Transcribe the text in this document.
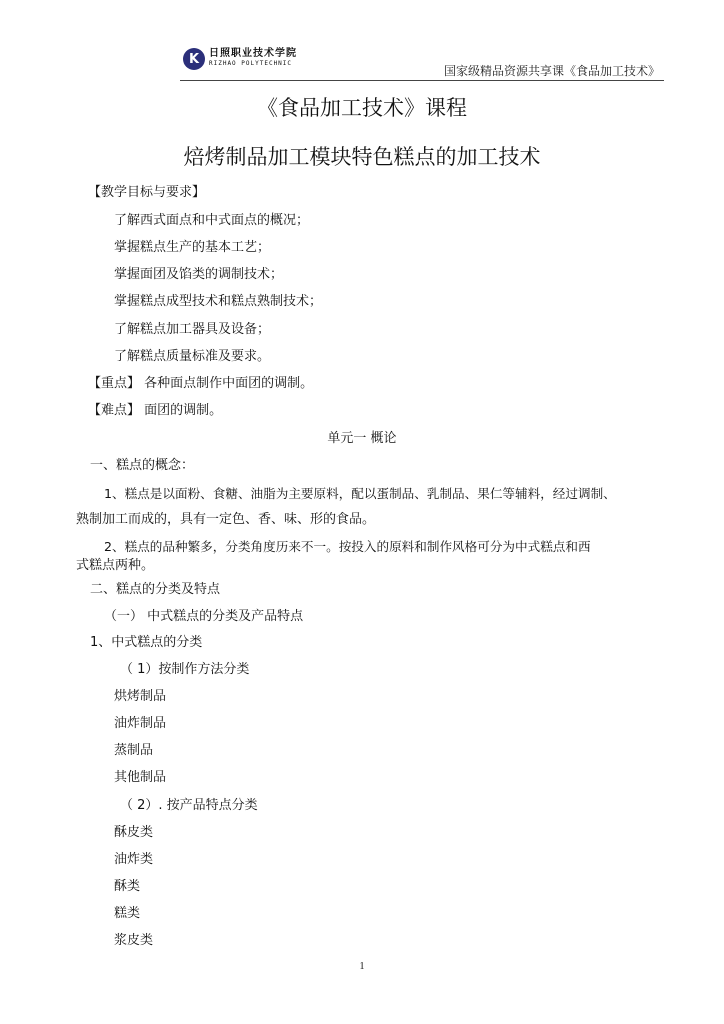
K 日照职业技术学院
RIZHAO POLYTECHNIC
国家级精品资源共享课《食品加工技术》
《食品加工技术》课程
焙烤制品加工模块特色糕点的加工技术
【教学目标与要求】
了解西式面点和中式面点的概况；
掌握糕点生产的基本工艺；
掌握面团及馅类的调制技术；
掌握糕点成型技术和糕点熟制技术；
了解糕点加工器具及设备；
了解糕点质量标准及要求。
【重点】 各种面点制作中面团的调制。
【难点】 面团的调制。
单元一 概论
一、糕点的概念：
1、糕点是以面粉、食糖、油脂为主要原料，配以蛋制品、乳制品、果仁等辅料，经过调制、
熟制加工而成的，具有一定色、香、味、形的食品。
2、糕点的品种繁多，分类角度历来不一。按投入的原料和制作风格可分为中式糕点和西
式糕点两种。
二、糕点的分类及特点
（一） 中式糕点的分类及产品特点
1、中式糕点的分类
（ 1）按制作方法分类
烘烤制品
油炸制品
蒸制品
其他制品
（ 2）. 按产品特点分类
酥皮类
油炸类
酥类
糕类
浆皮类
1
